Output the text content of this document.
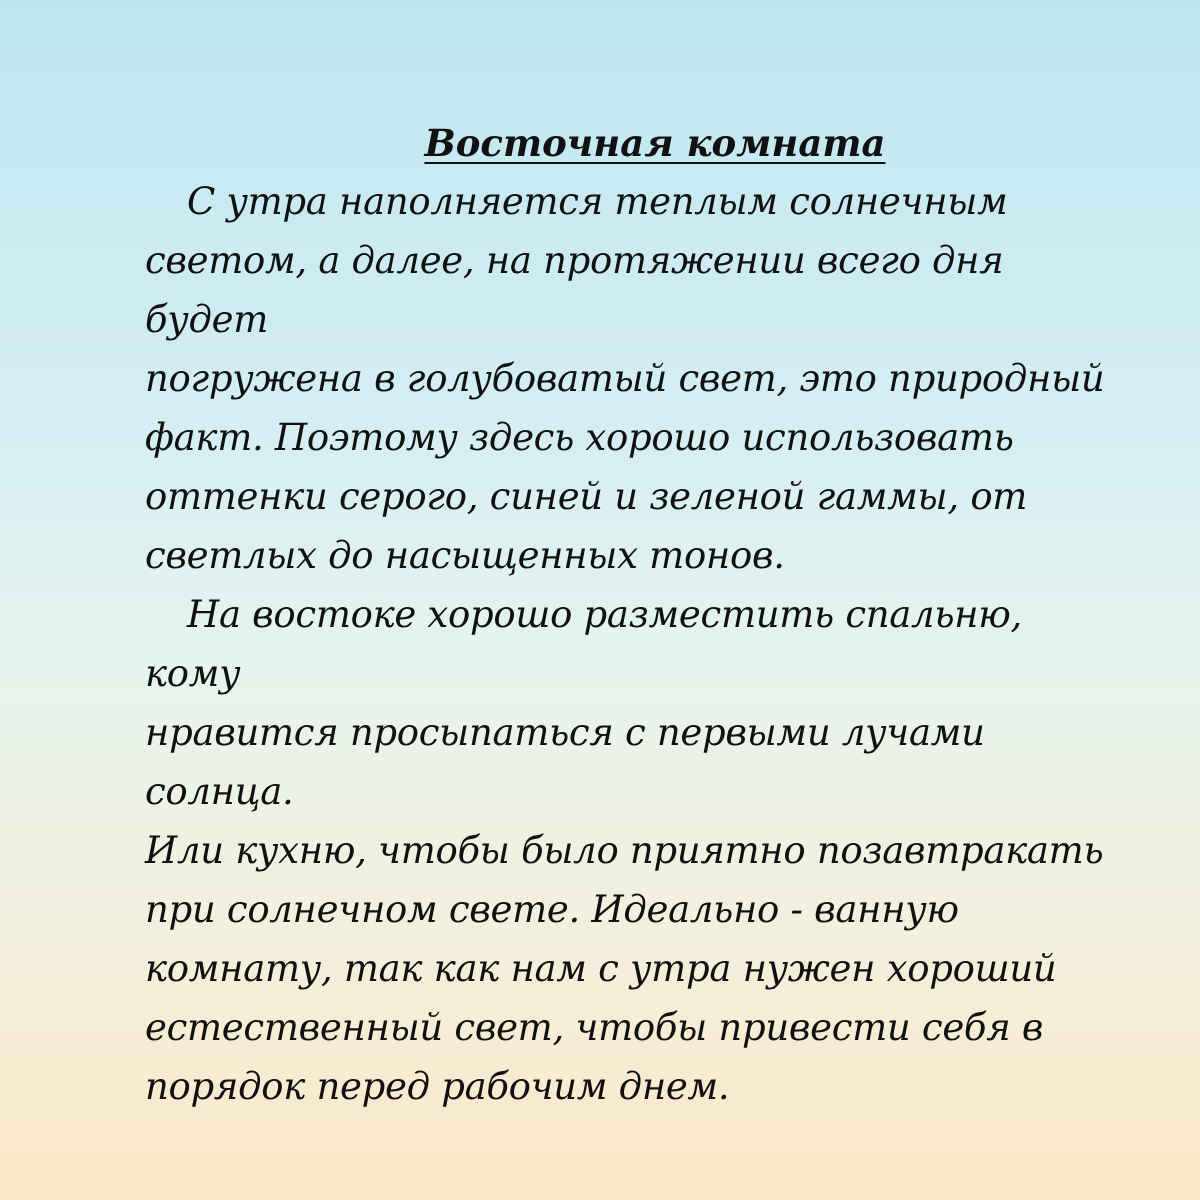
Восточная комната

С утра наполняется теплым солнечным
светом, а далее, на протяжении всего дня будет
погружена в голубоватый свет, это природный
факт. Поэтому здесь хорошо использовать
оттенки серого, синей и зеленой гаммы, от
светлых до насыщенных тонов.

На востоке хорошо разместить спальню, кому
нравится просыпаться с первыми лучами солнца.
Или кухню, чтобы было приятно позавтракать
при солнечном свете. Идеально - ванную
комнату, так как нам с утра нужен хороший
естественный свет, чтобы привести себя в
порядок перед рабочим днем.
